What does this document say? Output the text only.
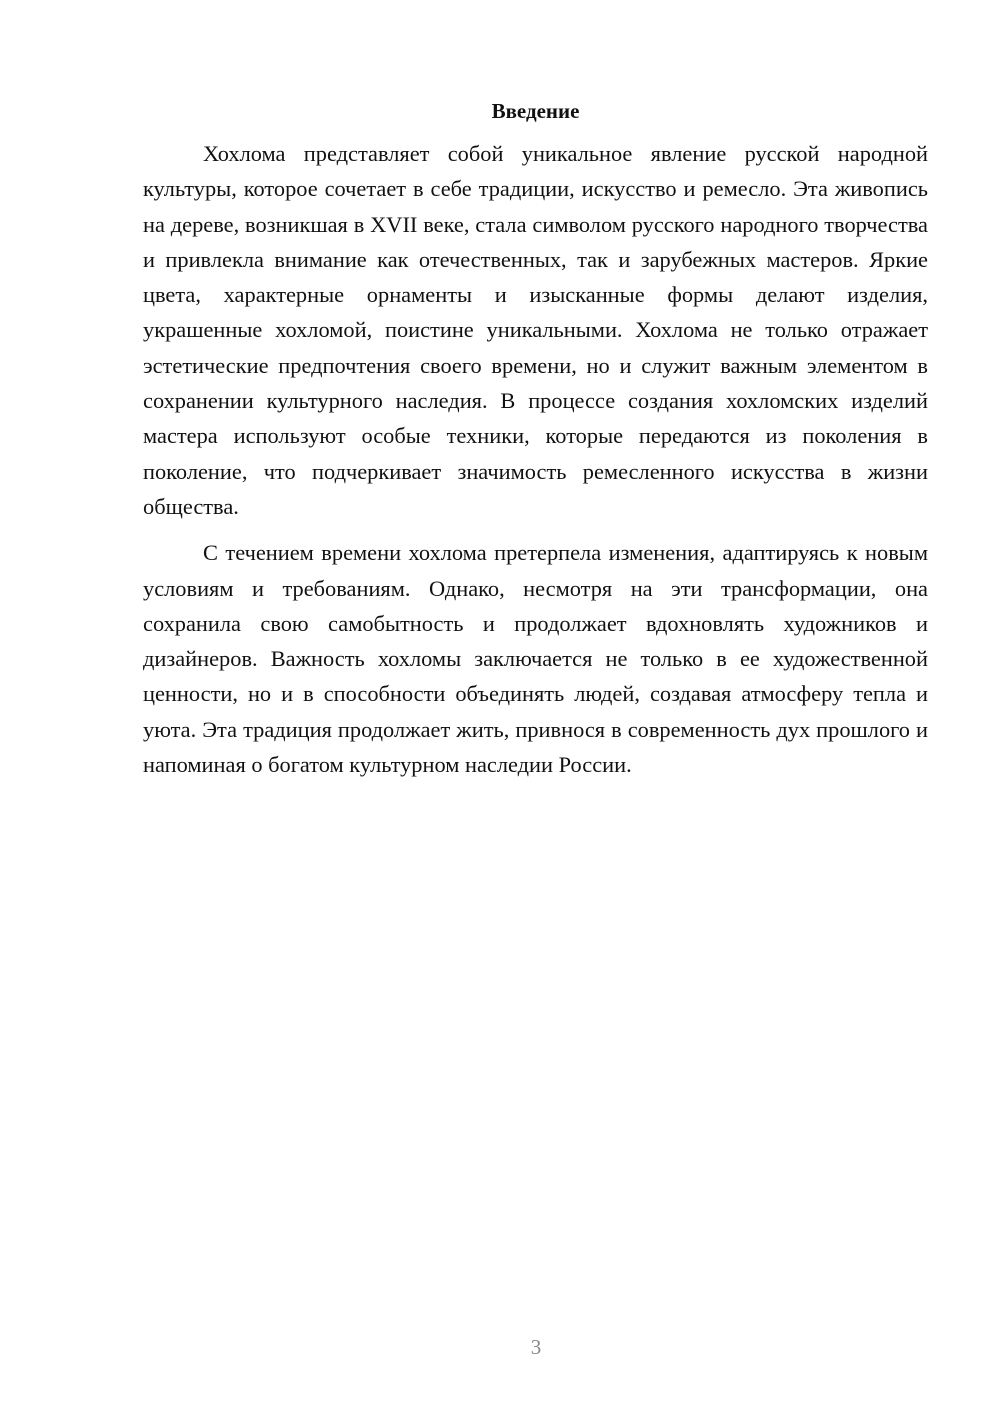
Введение

Хохлома представляет собой уникальное явление русской народной культуры, которое сочетает в себе традиции, искусство и ремесло. Эта живопись на дереве, возникшая в XVII веке, стала символом русского народного творчества и привлекла внимание как отечественных, так и зарубежных мастеров. Яркие цвета, характерные орнаменты и изысканные формы делают изделия, украшенные хохломой, поистине уникальными. Хохлома не только отражает эстетические предпочтения своего времени, но и служит важным элементом в сохранении культурного наследия. В процессе создания хохломских изделий мастера используют особые техники, которые передаются из поколения в поколение, что подчеркивает значимость ремесленного искусства в жизни общества.

С течением времени хохлома претерпела изменения, адаптируясь к новым условиям и требованиям. Однако, несмотря на эти трансформации, она сохранила свою самобытность и продолжает вдохновлять художников и дизайнеров. Важность хохломы заключается не только в ее художественной ценности, но и в способности объединять людей, создавая атмосферу тепла и уюта. Эта традиция продолжает жить, привнося в современность дух прошлого и напоминая о богатом культурном наследии России.

3
